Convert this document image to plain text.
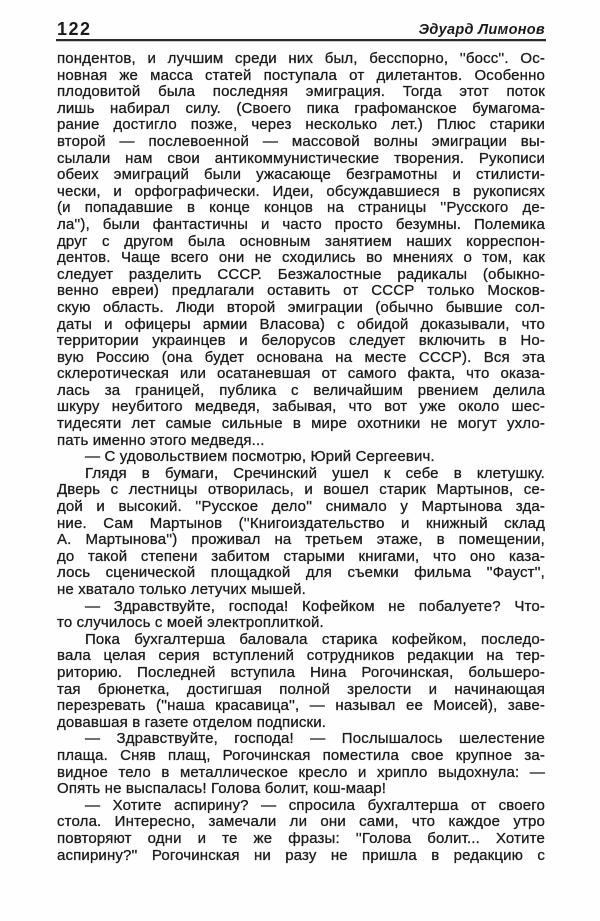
122	Эдуард Лимонов
пондентов, и лучшим среди них был, бесспорно, ''босс''. Ос-
новная же масса статей поступала от дилетантов. Особенно
плодовитой была последняя эмиграция. Тогда этот поток
лишь набирал силу. (Своего пика графоманское бумагома-
рание достигло позже, через несколько лет.) Плюс старики
второй — послевоенной — массовой волны эмиграции вы-
сылали нам свои антикоммунистические творения. Рукописи
обеих эмиграций были ужасающе безграмотны и стилисти-
чески, и орфографически. Идеи, обсуждавшиеся в рукописях
(и попадавшие в конце концов на страницы ''Русского де-
ла''), были фантастичны и часто просто безумны. Полемика
друг с другом была основным занятием наших корреспон-
дентов. Чаще всего они не сходились во мнениях о том, как
следует разделить СССР. Безжалостные радикалы (обыкно-
венно евреи) предлагали оставить от СССР только Москов-
скую область. Люди второй эмиграции (обычно бывшие сол-
даты и офицеры армии Власова) с обидой доказывали, что
территории украинцев и белорусов следует включить в Но-
вую Россию (она будет основана на месте СССР). Вся эта
склеротическая или осатаневшая от самого факта, что оказа-
лась за границей, публика с величайшим рвением делила
шкуру неубитого медведя, забывая, что вот уже около шес-
тидесяти лет самые сильные в мире охотники не могут ухло-
пать именно этого медведя...
— С удовольствием посмотрю, Юрий Сергеевич.
Глядя в бумаги, Сречинский ушел к себе в клетушку.
Дверь с лестницы отворилась, и вошел старик Мартынов, се-
дой и высокий. ''Русское дело'' снимало у Мартынова зда-
ние. Сам Мартынов (''Книгоиздательство и книжный склад
А. Мартынова'') проживал на третьем этаже, в помещении,
до такой степени забитом старыми книгами, что оно каза-
лось сценической площадкой для съемки фильма ''Фауст'',
не хватало только летучих мышей.
— Здравствуйте, господа! Кофейком не побалуете? Что-
то случилось с моей электроплиткой.
Пока бухгалтерша баловала старика кофейком, последо-
вала целая серия вступлений сотрудников редакции на тер-
риторию. Последней вступила Нина Рогочинская, большеро-
тая брюнетка, достигшая полной зрелости и начинающая
перезревать (''наша красавица'', — называл ее Моисей), заве-
довавшая в газете отделом подписки.
— Здравствуйте, господа! — Послышалось шелестение
плаща. Сняв плащ, Рогочинская поместила свое крупное за-
видное тело в металлическое кресло и хрипло выдохнула: —
Опять не выспалась! Голова болит, кош-маар!
— Хотите аспирину? — спросила бухгалтерша от своего
стола. Интересно, замечали ли они сами, что каждое утро
повторяют одни и те же фразы: ''Голова болит... Хотите
аспирину?'' Рогочинская ни разу не пришла в редакцию с
